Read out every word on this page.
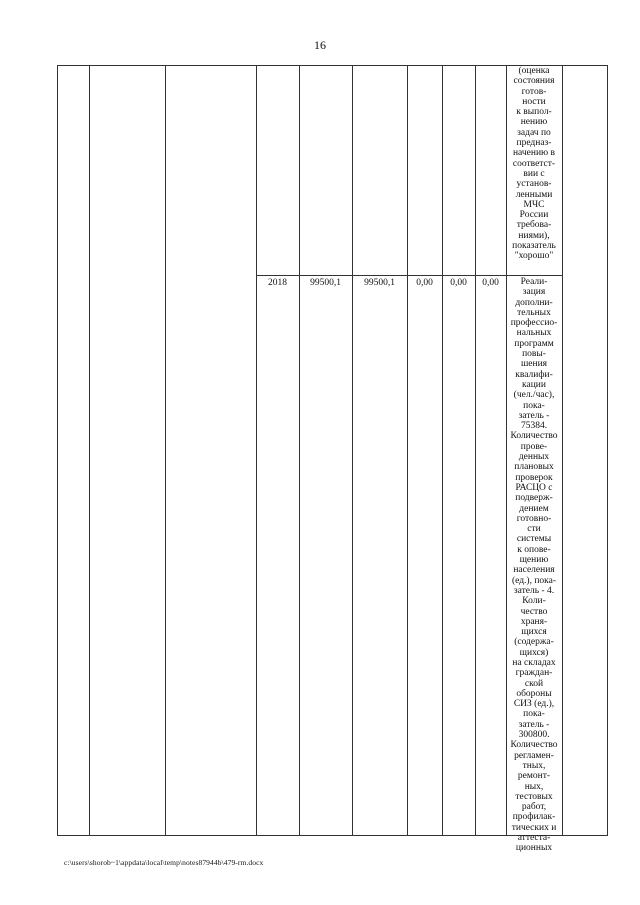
16
(оценка
состояния
готов-
ности
к выпол-
нению
задач по
предназ-
начению в
соответст-
вии с
установ-
ленными
МЧС
России
требова-
ниями),
показатель
"хорошо"
2018	99500,1	99500,1	0,00	0,00	0,00	Реали-
зация
дополни-
тельных
профессио-
нальных
программ
повы-
шения
квалифи-
кации
(чел./час),
пока-
затель -
75384.
Количество
прове-
денных
плановых
проверок
РАСЦО с
подверж-
дением
готовно-
сти
системы
к опове-
щению
населения
(ед.), пока-
затель - 4.
Коли-
чество
храня-
щихся
(содержа-
щихся)
на складах
граждан-
ской
обороны
СИЗ (ед.),
пока-
затель -
300800.
Количество
регламен-
тных,
ремонт-
ных,
тестовых
работ,
профилак-
тических и
аттеста-
ционных
c:\users\shorob~1\appdata\local\temp\notes87944b\479-rm.docx
